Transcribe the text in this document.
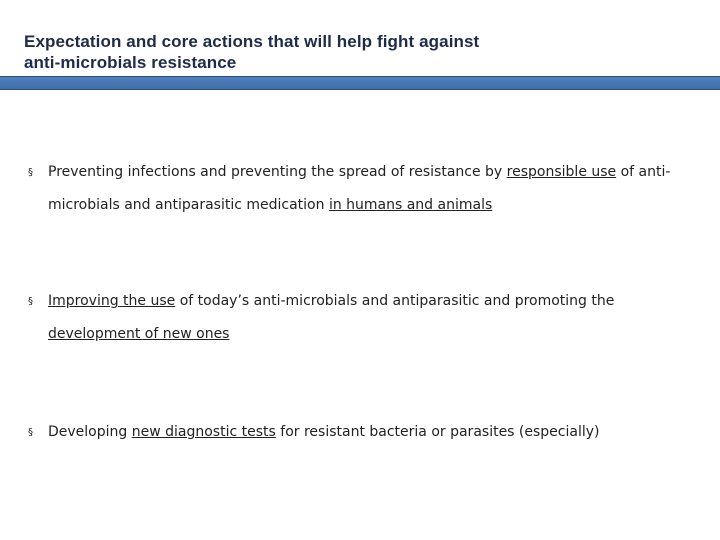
Expectation and core actions that will help fight against
anti-microbials resistance
§ Preventing infections and preventing the spread of resistance by responsible use of anti-microbials and antiparasitic medication in humans and animals
§ Improving the use of today’s anti-microbials and antiparasitic and promoting the development of new ones
§ Developing new diagnostic tests for resistant bacteria or parasites (especially)
